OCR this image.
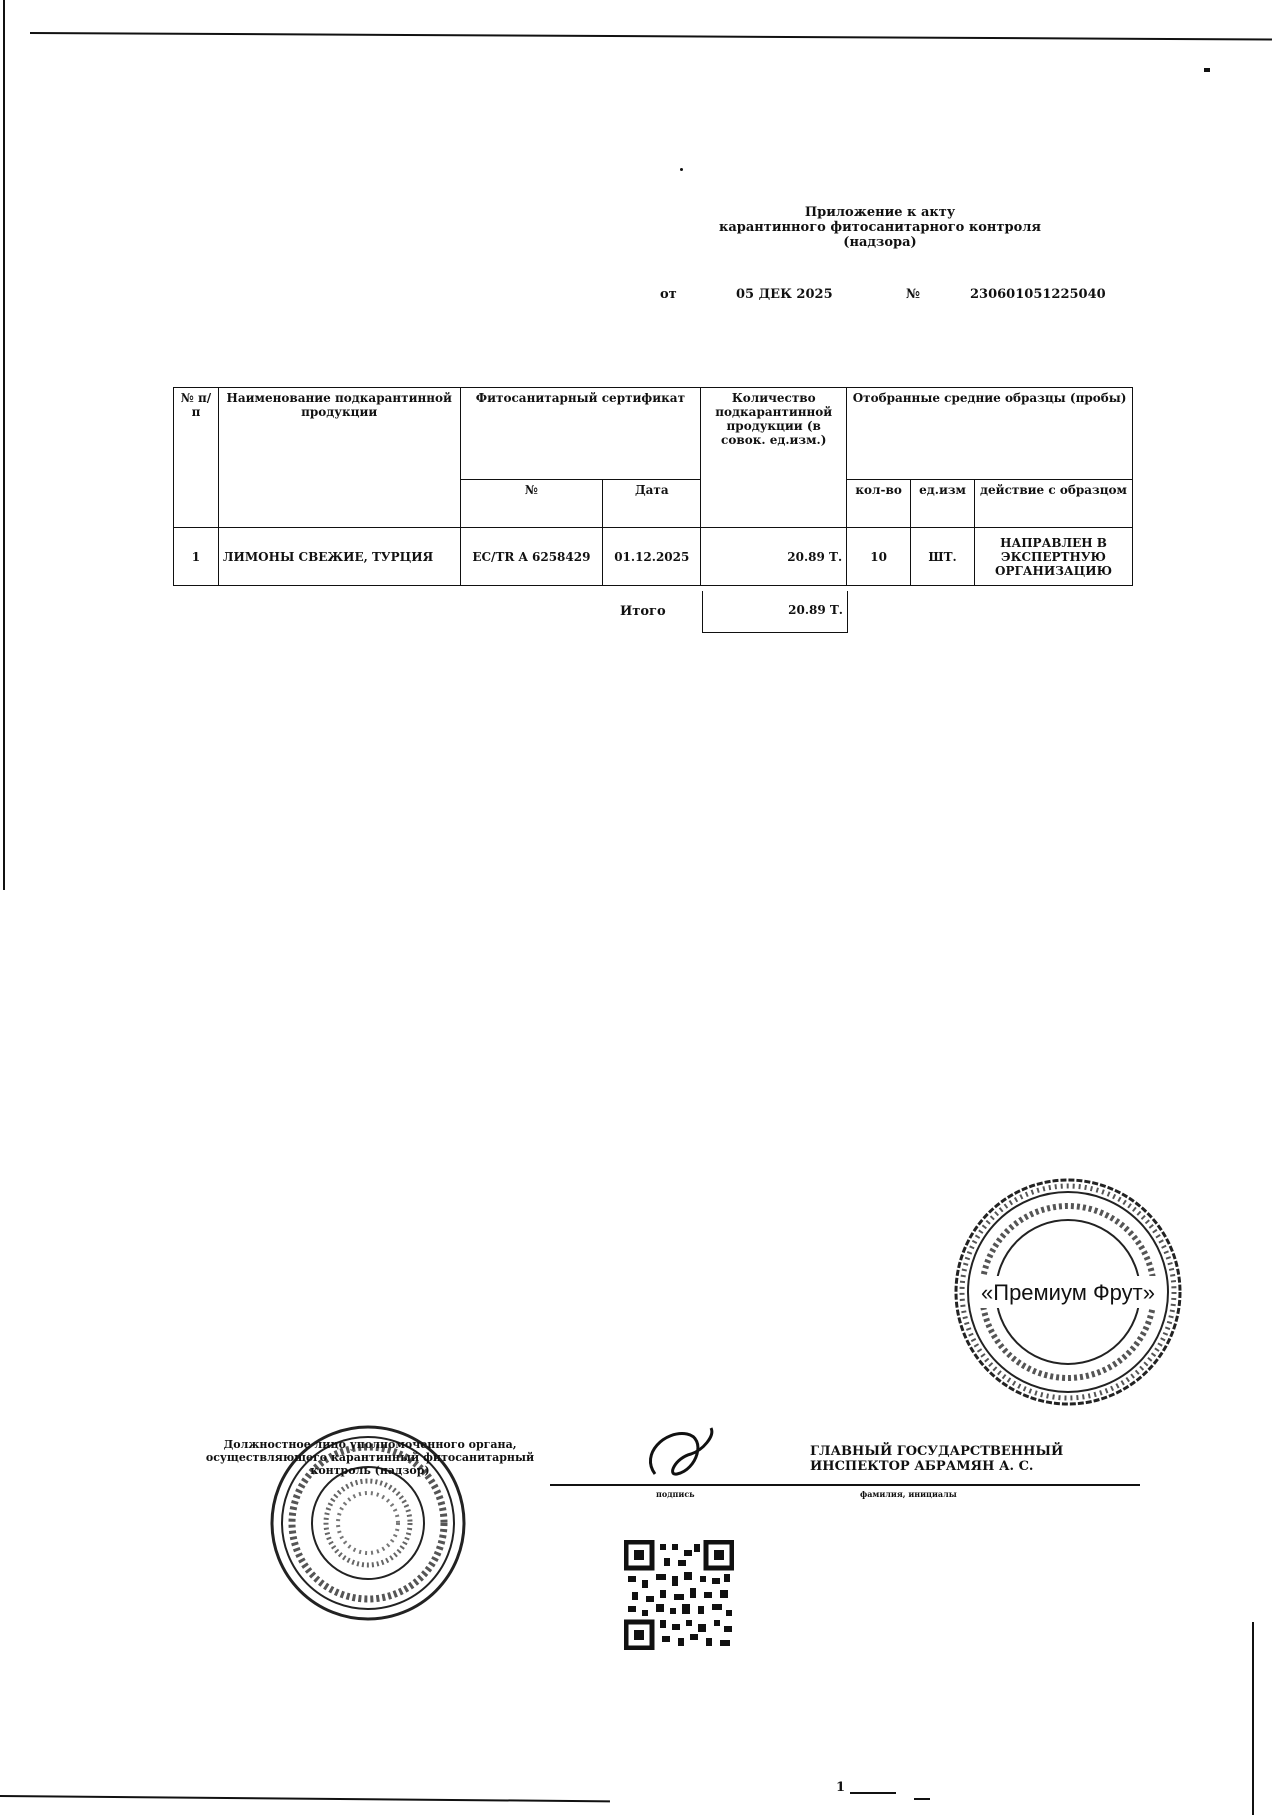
Приложение к акту
карантинного фитосанитарного контроля
(надзора)
от	05 ДЕК 2025	№	230601051225040
№ п/п	Наименование подкарантинной продукции	Фитосанитарный сертификат		Количество подкарантинной продукции (в совок. ед.изм.)	Отобранные средние образцы (пробы)		
		№	Дата		кол-во	ед.изм	действие с образцом
1	ЛИМОНЫ СВЕЖИЕ, ТУРЦИЯ	EC/TR A 6258429	01.12.2025	20.89 Т.	10	ШТ.	НАПРАВЛЕН В ЭКСПЕРТНУЮ ОРГАНИЗАЦИЮ
Итого	20.89 Т.
«Премиум Фрут»
Должностное лицо уполномоченного органа, осуществляющего карантинный фитосанитарный контроль (надзор)
ГЛАВНЫЙ ГОСУДАРСТВЕННЫЙ
ИНСПЕКТОР АБРАМЯН А. С.
подпись	фамилия, инициалы
1
